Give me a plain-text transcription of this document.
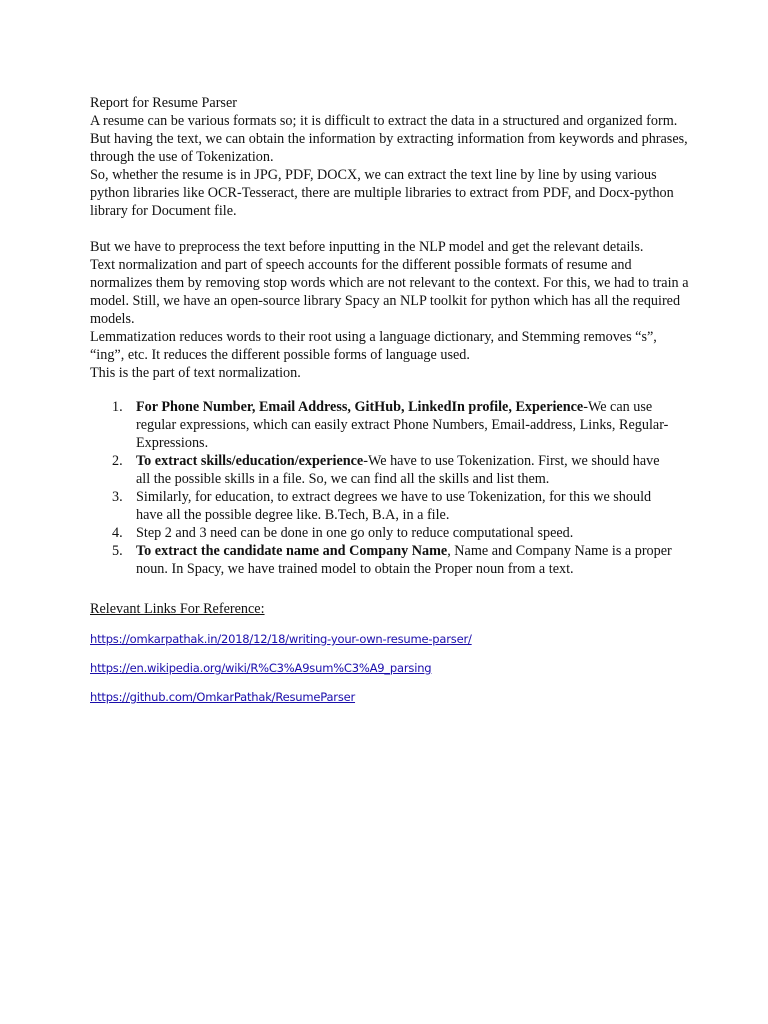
Report for Resume Parser

A resume can be various formats so; it is difficult to extract the data in a structured and organized form. But having the text, we can obtain the information by extracting information from keywords and phrases, through the use of Tokenization.

So, whether the resume is in JPG, PDF, DOCX, we can extract the text line by line by using various python libraries like OCR-Tesseract, there are multiple libraries to extract from PDF, and Docx-python library for Document file.

But we have to preprocess the text before inputting in the NLP model and get the relevant details.

Text normalization and part of speech accounts for the different possible formats of resume and normalizes them by removing stop words which are not relevant to the context. For this, we had to train a model. Still, we have an open-source library Spacy an NLP toolkit for python which has all the required models.

Lemmatization reduces words to their root using a language dictionary, and Stemming removes “s”, “ing”, etc. It reduces the different possible forms of language used.

This is the part of text normalization.

1. For Phone Number, Email Address, GitHub, LinkedIn profile, Experience-We can use regular expressions, which can easily extract Phone Numbers, Email-address, Links, Regular-Expressions.
2. To extract skills/education/experience-We have to use Tokenization. First, we should have all the possible skills in a file. So, we can find all the skills and list them.
3. Similarly, for education, to extract degrees we have to use Tokenization, for this we should have all the possible degree like. B.Tech, B.A, in a file.
4. Step 2 and 3 need can be done in one go only to reduce computational speed.
5. To extract the candidate name and Company Name, Name and Company Name is a proper noun. In Spacy, we have trained model to obtain the Proper noun from a text.

Relevant Links For Reference:

https://omkarpathak.in/2018/12/18/writing-your-own-resume-parser/
https://en.wikipedia.org/wiki/R%C3%A9sum%C3%A9_parsing
https://github.com/OmkarPathak/ResumeParser
